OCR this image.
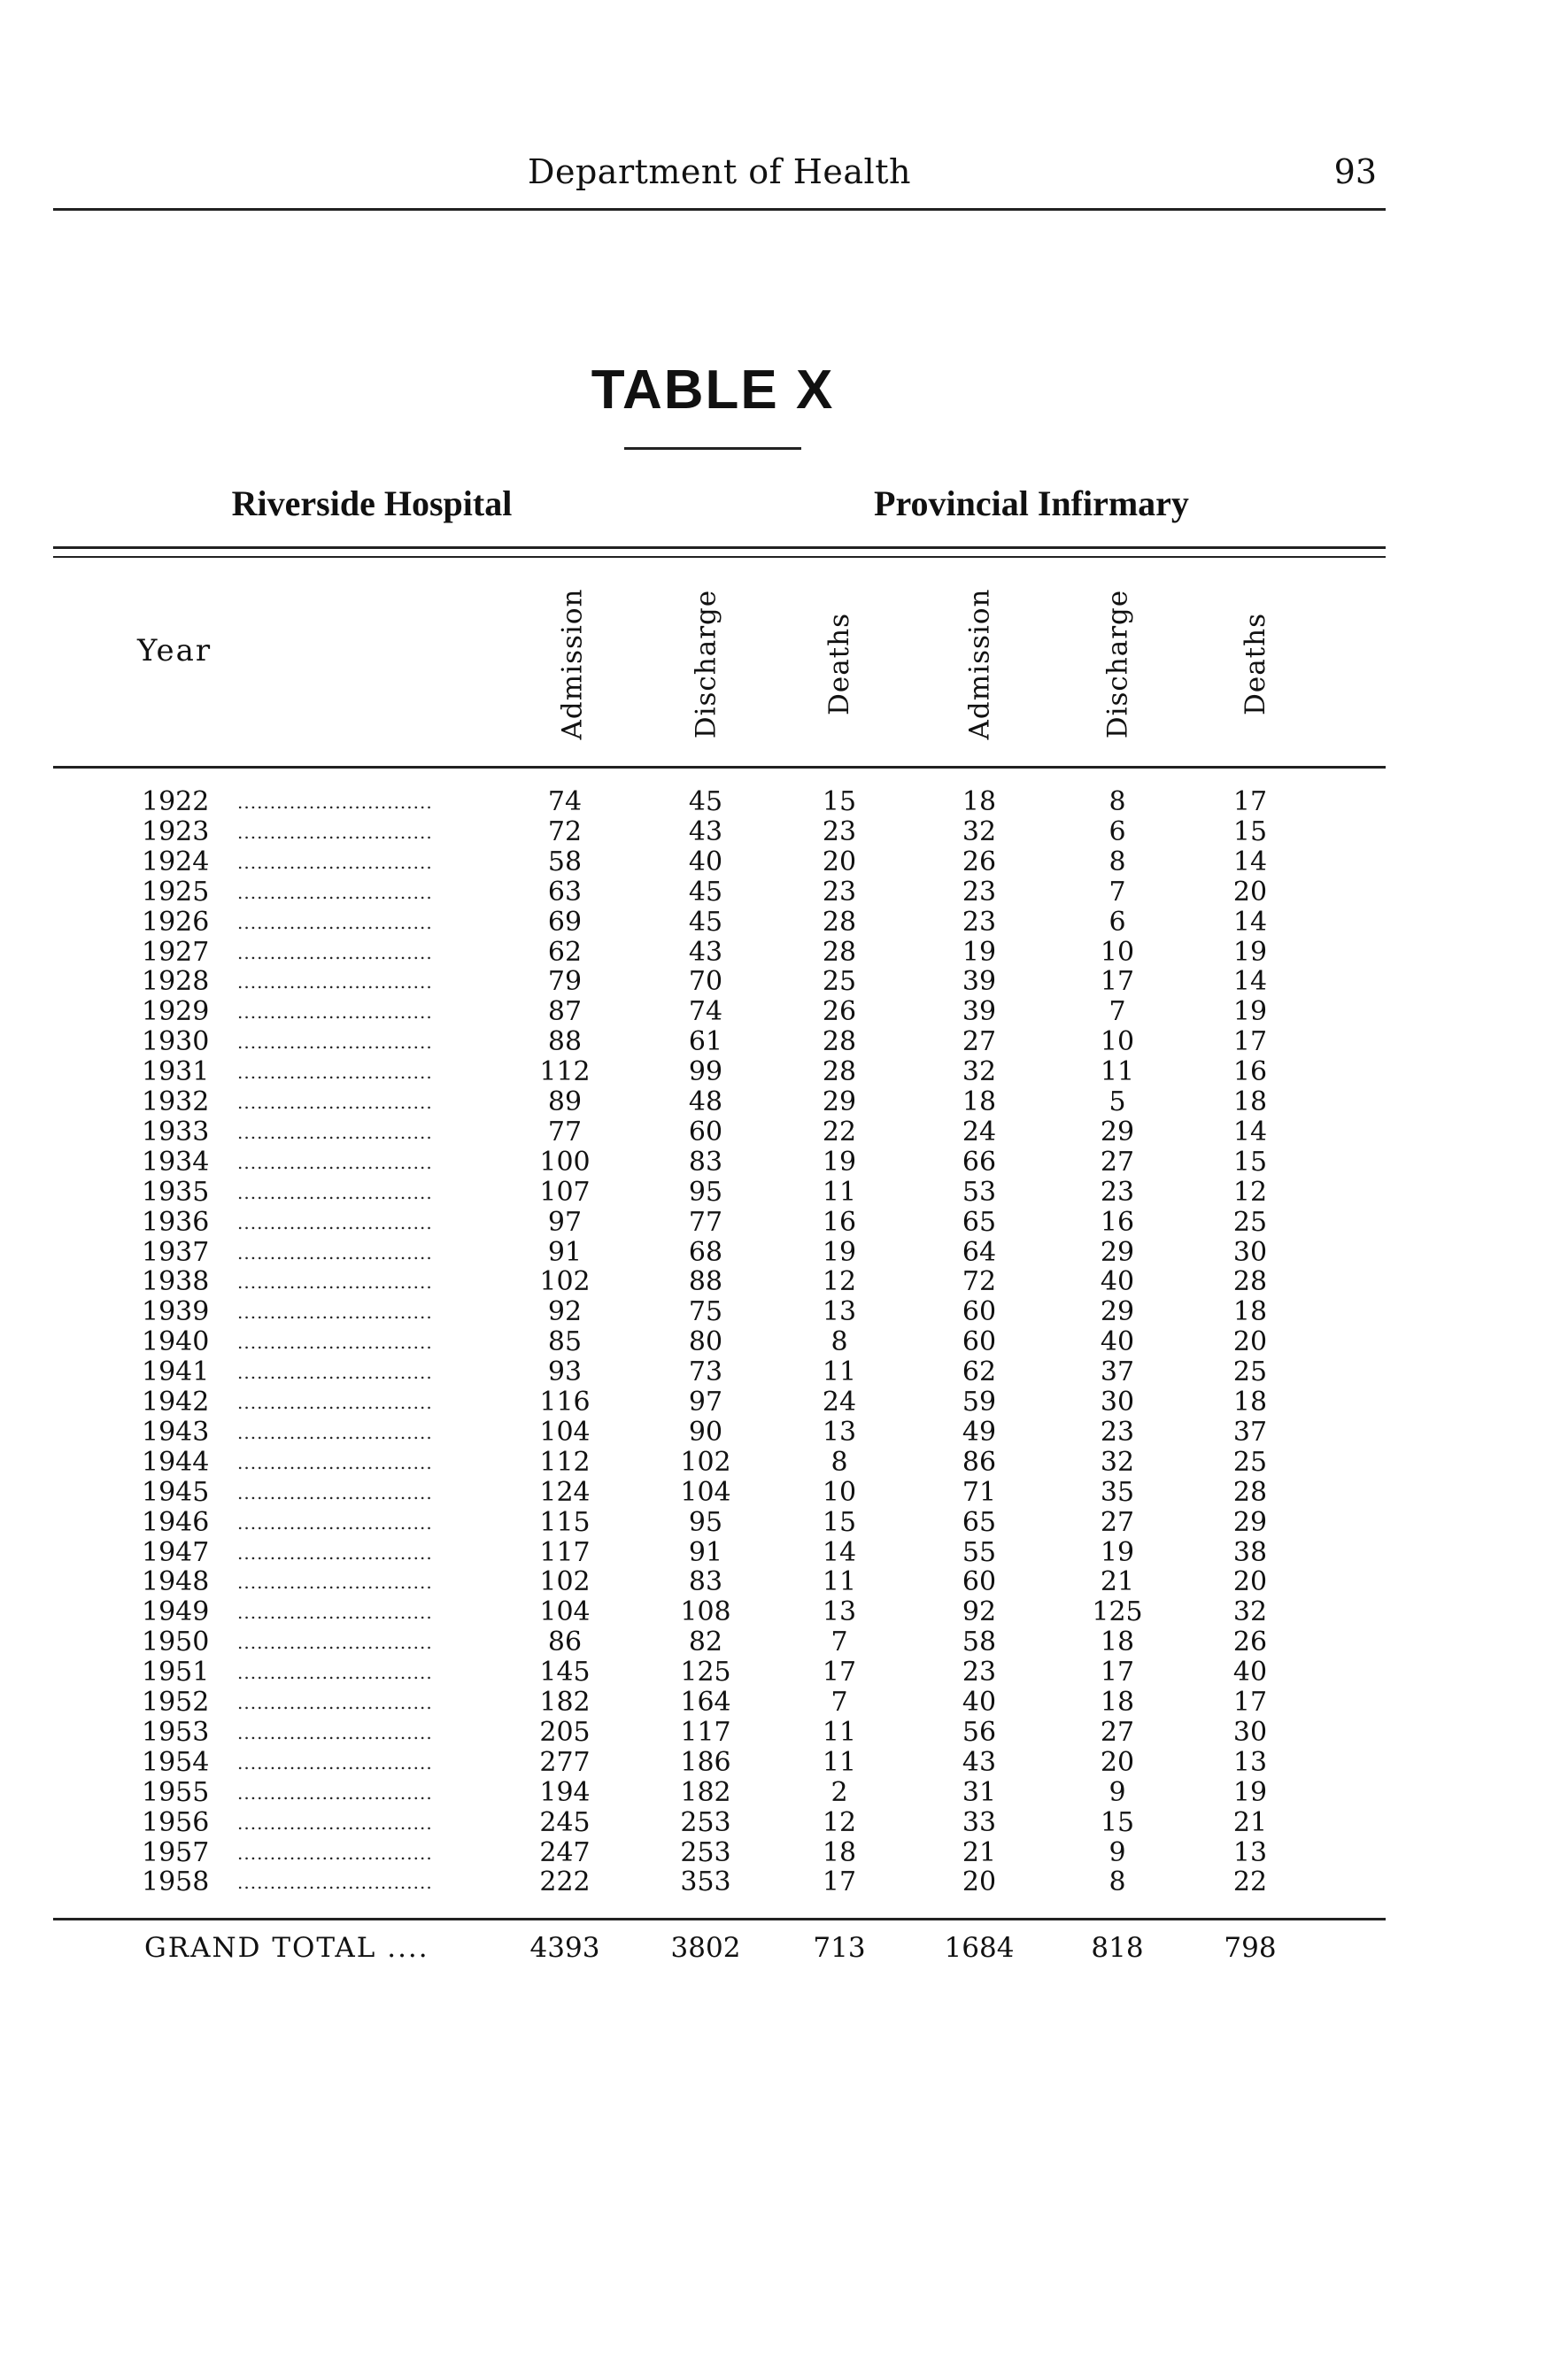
Department of Health	93
TABLE X
Riverside Hospital	Provincial Infirmary
Year	Admission	Discharge	Deaths	Admission	Discharge	Deaths
1922	..............................	74	45	15	18	8	17
1923	..............................	72	43	23	32	6	15
1924	..............................	58	40	20	26	8	14
1925	..............................	63	45	23	23	7	20
1926	..............................	69	45	28	23	6	14
1927	..............................	62	43	28	19	10	19
1928	..............................	79	70	25	39	17	14
1929	..............................	87	74	26	39	7	19
1930	..............................	88	61	28	27	10	17
1931	..............................	112	99	28	32	11	16
1932	..............................	89	48	29	18	5	18
1933	..............................	77	60	22	24	29	14
1934	..............................	100	83	19	66	27	15
1935	..............................	107	95	11	53	23	12
1936	..............................	97	77	16	65	16	25
1937	..............................	91	68	19	64	29	30
1938	..............................	102	88	12	72	40	28
1939	..............................	92	75	13	60	29	18
1940	..............................	85	80	8	60	40	20
1941	..............................	93	73	11	62	37	25
1942	..............................	116	97	24	59	30	18
1943	..............................	104	90	13	49	23	37
1944	..............................	112	102	8	86	32	25
1945	..............................	124	104	10	71	35	28
1946	..............................	115	95	15	65	27	29
1947	..............................	117	91	14	55	19	38
1948	..............................	102	83	11	60	21	20
1949	..............................	104	108	13	92	125	32
1950	..............................	86	82	7	58	18	26
1951	..............................	145	125	17	23	17	40
1952	..............................	182	164	7	40	18	17
1953	..............................	205	117	11	56	27	30
1954	..............................	277	186	11	43	20	13
1955	..............................	194	182	2	31	9	19
1956	..............................	245	253	12	33	15	21
1957	..............................	247	253	18	21	9	13
1958	..............................	222	353	17	20	8	22
GRAND TOTAL ....	4393	3802	713	1684	818	798
